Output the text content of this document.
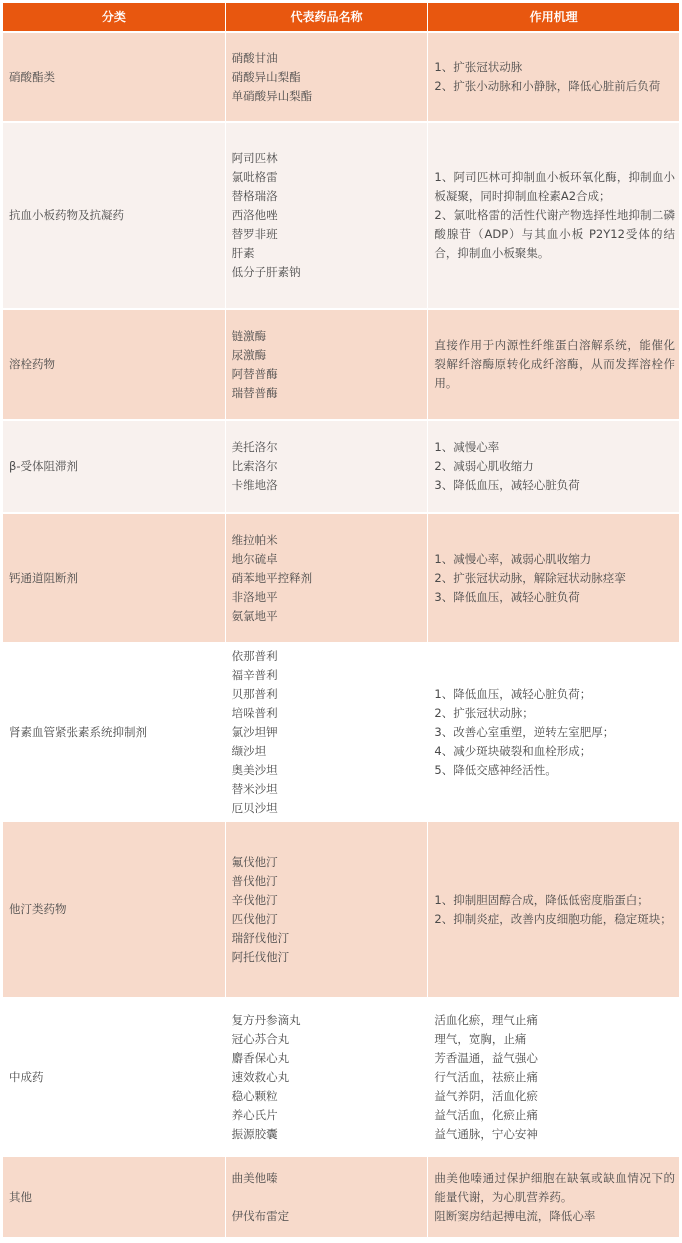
分类	代表药品名称	作用机理
硝酸酯类
硝酸甘油
硝酸异山梨酯
单硝酸异山梨酯
1、扩张冠状动脉
2、扩张小动脉和小静脉，降低心脏前后负荷
抗血小板药物及抗凝药
阿司匹林
氯吡格雷
替格瑞洛
西洛他唑
替罗非班
肝素
低分子肝素钠
1、阿司匹林可抑制血小板环氧化酶，抑制血小板凝聚，同时抑制血栓素A2合成；
2、氯吡格雷的活性代谢产物选择性地抑制二磷酸腺苷（ADP）与其血小板 P2Y12受体的结合，抑制血小板聚集。
溶栓药物
链激酶
尿激酶
阿替普酶
瑞替普酶
直接作用于内源性纤维蛋白溶解系统，能催化裂解纤溶酶原转化成纤溶酶，从而发挥溶栓作用。
β-受体阻滞剂
美托洛尔
比索洛尔
卡维地洛
1、减慢心率
2、减弱心肌收缩力
3、降低血压，减轻心脏负荷
钙通道阻断剂
维拉帕米
地尔硫卓
硝苯地平控释剂
非洛地平
氨氯地平
1、减慢心率，减弱心肌收缩力
2、扩张冠状动脉，解除冠状动脉痉挛
3、降低血压，减轻心脏负荷
肾素血管紧张素系统抑制剂
依那普利
福辛普利
贝那普利
培哚普利
氯沙坦钾
缬沙坦
奥美沙坦
替米沙坦
厄贝沙坦
1、降低血压，减轻心脏负荷；
2、扩张冠状动脉；
3、改善心室重塑，逆转左室肥厚；
4、减少斑块破裂和血栓形成；
5、降低交感神经活性。
他汀类药物
氟伐他汀
普伐他汀
辛伐他汀
匹伐他汀
瑞舒伐他汀
阿托伐他汀
1、抑制胆固醇合成，降低低密度脂蛋白；
2、抑制炎症，改善内皮细胞功能，稳定斑块；
中成药
复方丹参滴丸
冠心苏合丸
麝香保心丸
速效救心丸
稳心颗粒
养心氏片
振源胶囊
活血化瘀，理气止痛
理气，宽胸，止痛
芳香温通，益气强心
行气活血，祛瘀止痛
益气养阴，活血化瘀
益气活血，化瘀止痛
益气通脉，宁心安神
其他
曲美他嗪

伊伐布雷定
曲美他嗪通过保护细胞在缺氧或缺血情况下的能量代谢，为心肌营养药。
阻断窦房结起搏电流，降低心率
